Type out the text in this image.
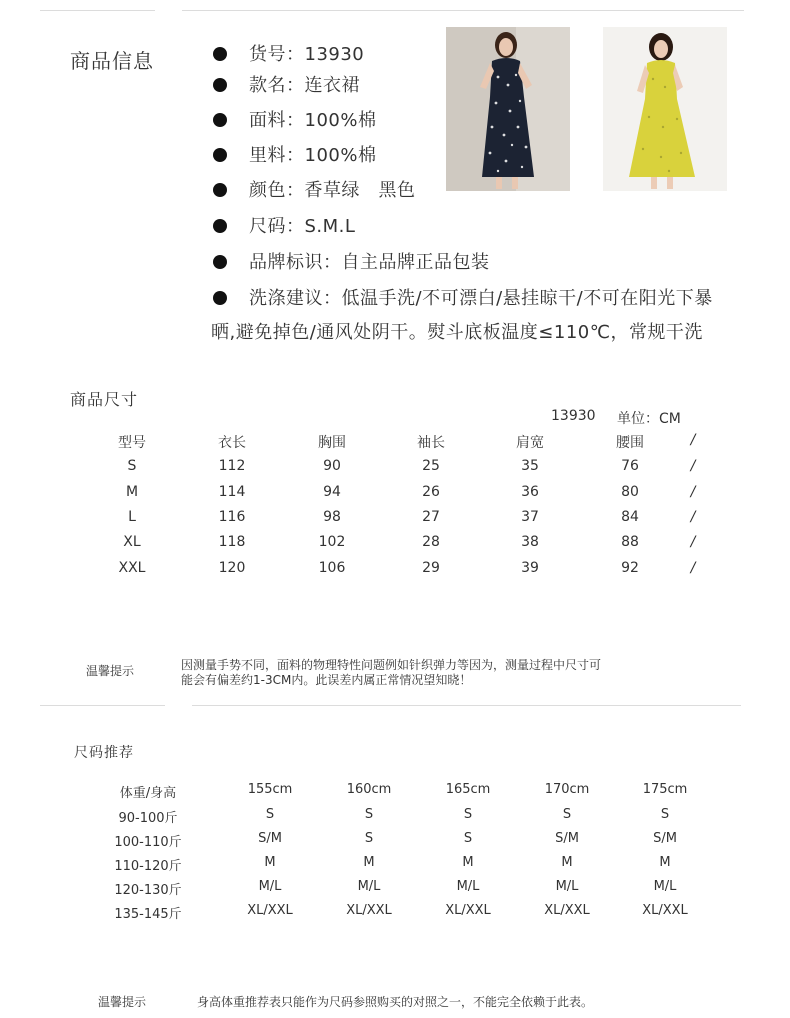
商品信息	货号：13930
款名：连衣裙
面料：100%棉
里料：100%棉
颜色：香草绿　黑色
尺码：S.M.L
品牌标识：自主品牌正品包装
洗涤建议：低温手洗/不可漂白/悬挂晾干/不可在阳光下暴
晒,避免掉色/通风处阴干。熨斗底板温度≤110℃，常规干洗
商品尺寸
13930 单位：CM
型号	衣长	胸围	袖长	肩宽	腰围	/
S	112	90	25	35	76	/
M	114	94	26	36	80	/
L	116	98	27	37	84	/
XL	118	102	28	38	88	/
XXL	120	106	29	39	92	/
温馨提示	因测量手势不同，面料的物理特性问题例如针织弹力等因为，测量过程中尺寸可
能会有偏差约1-3CM内。此误差内属正常情况望知晓！
尺码推荐
体重/身高	155cm	160cm	165cm	170cm	175cm
90-100斤	S	S	S	S	S
100-110斤	S/M	S	S	S/M	S/M
110-120斤	M	M	M	M	M
120-130斤	M/L	M/L	M/L	M/L	M/L
135-145斤	XL/XXL	XL/XXL	XL/XXL	XL/XXL	XL/XXL
温馨提示	身高体重推荐表只能作为尺码参照购买的对照之一，不能完全依赖于此表。
